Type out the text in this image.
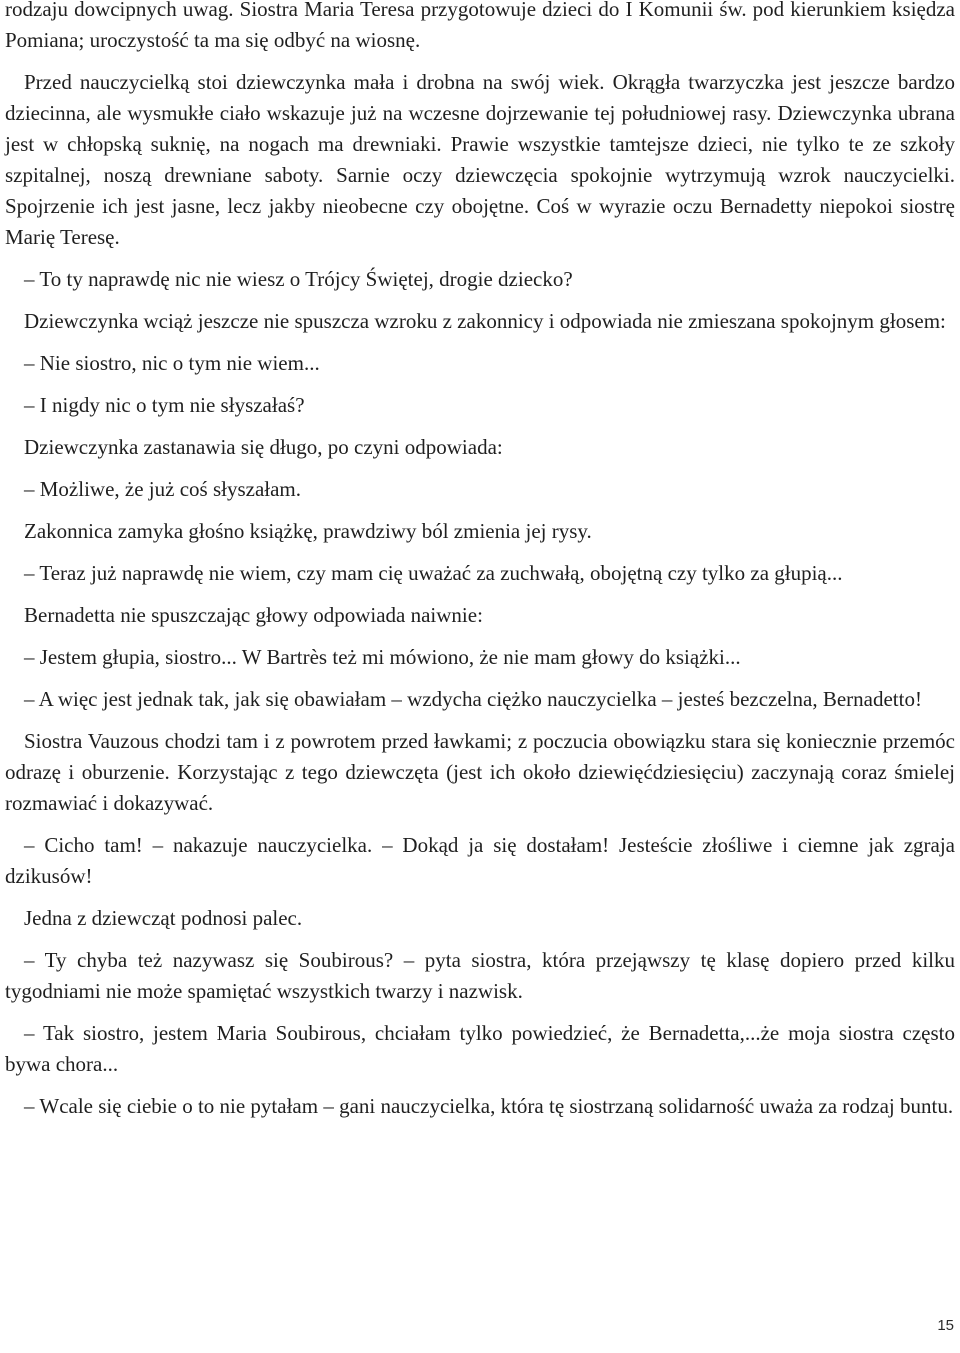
rodzaju dowcipnych uwag. Siostra Maria Teresa przygotowuje dzieci do I Komunii św. pod kierunkiem księdza Pomiana; uroczystość ta ma się odbyć na wiosnę.

Przed nauczycielką stoi dziewczynka mała i drobna na swój wiek. Okrągła twarzyczka jest jeszcze bardzo dziecinna, ale wysmukłe ciało wskazuje już na wczesne dojrzewanie tej południowej rasy. Dziewczynka ubrana jest w chłopską suknię, na nogach ma drewniaki. Prawie wszystkie tamtejsze dzieci, nie tylko te ze szkoły szpitalnej, noszą drewniane saboty. Sarnie oczy dziewczęcia spokojnie wytrzymują wzrok nauczycielki. Spojrzenie ich jest jasne, lecz jakby nieobecne czy obojętne. Coś w wyrazie oczu Bernadetty niepokoi siostrę Marię Teresę.

– To ty naprawdę nic nie wiesz o Trójcy Świętej, drogie dziecko?

Dziewczynka wciąż jeszcze nie spuszcza wzroku z zakonnicy i odpowiada nie zmieszana spokojnym głosem:

– Nie siostro, nic o tym nie wiem...

– I nigdy nic o tym nie słyszałaś?

Dziewczynka zastanawia się długo, po czyni odpowiada:

– Możliwe, że już coś słyszałam.

Zakonnica zamyka głośno książkę, prawdziwy ból zmienia jej rysy.

– Teraz już naprawdę nie wiem, czy mam cię uważać za zuchwałą, obojętną czy tylko za głupią...

Bernadetta nie spuszczając głowy odpowiada naiwnie:

– Jestem głupia, siostro... W Bartrès też mi mówiono, że nie mam głowy do książki...

– A więc jest jednak tak, jak się obawiałam – wzdycha ciężko nauczycielka – jesteś bezczelna, Bernadetto!

Siostra Vauzous chodzi tam i z powrotem przed ławkami; z poczucia obowiązku stara się koniecznie przemóc odrazę i oburzenie. Korzystając z tego dziewczęta (jest ich około dziewięćdziesięciu) zaczynają coraz śmielej rozmawiać i dokazywać.

– Cicho tam! – nakazuje nauczycielka. – Dokąd ja się dostałam! Jesteście złośliwe i ciemne jak zgraja dzikusów!

Jedna z dziewcząt podnosi palec.

– Ty chyba też nazywasz się Soubirous? – pyta siostra, która przejąwszy tę klasę dopiero przed kilku tygodniami nie może spamiętać wszystkich twarzy i nazwisk.

– Tak siostro, jestem Maria Soubirous, chciałam tylko powiedzieć, że Bernadetta,...że moja siostra często bywa chora...

– Wcale się ciebie o to nie pytałam – gani nauczycielka, która tę siostrzaną solidarność uważa za rodzaj buntu.

15
